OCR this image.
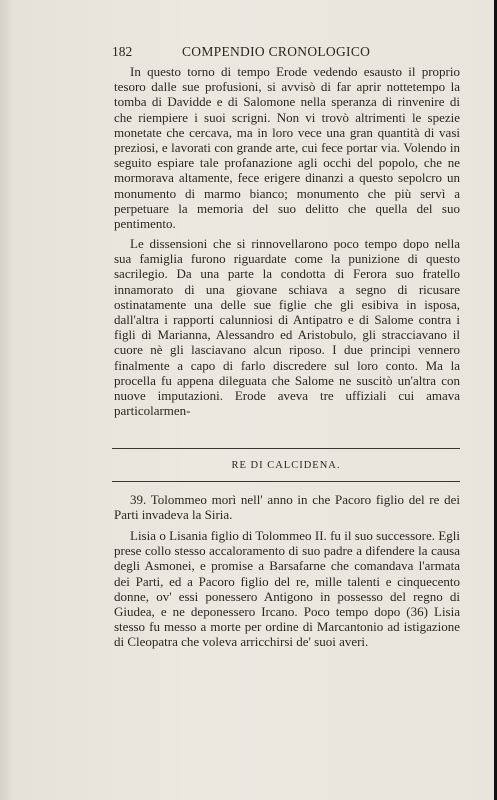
182	COMPENDIO CRONOLOGICO

In questo torno di tempo Erode vedendo esausto il proprio tesoro dalle sue profusioni, si avvisò di far aprir nottetempo la tomba di Davidde e di Salomone nella speranza di rinvenire di che riempiere i suoi scrigni. Non vi trovò altrimenti le spezie monetate che cercava, ma in loro vece una gran quantità di vasi preziosi, e lavorati con grande arte, cui fece portar via. Volendo in seguito espiare tale profanazione agli occhi del popolo, che ne mormorava altamente, fece erigere dinanzi a questo sepolcro un monumento di marmo bianco; monumento che più servì a perpetuare la memoria del suo delitto che quella del suo pentimento.

Le dissensioni che si rinnovellarono poco tempo dopo nella sua famiglia furono riguardate come la punizione di questo sacrilegio. Da una parte la condotta di Ferora suo fratello innamorato di una giovane schiava a segno di ricusare ostinatamente una delle sue figlie che gli esibiva in isposa, dall'altra i rapporti calunniosi di Antipatro e di Salome contra i figli di Marianna, Alessandro ed Aristobulo, gli stracciavano il cuore nè gli lasciavano alcun riposo. I due principi vennero finalmente a capo di farlo discredere sul loro conto. Ma la procella fu appena dileguata che Salome ne suscitò un'altra con nuove imputazioni. Erode aveva tre uffiziali cui amava particolarmen-

RE DI CALCIDENA.

39. Tolommeo morì nell' anno in che Pacoro figlio del re dei Parti invadeva la Siria.

Lisia o Lisania figlio di Tolommeo II. fu il suo successore. Egli prese collo stesso accaloramento di suo padre a difendere la causa degli Asmonei, e promise a Barsafarne che comandava l'armata dei Parti, ed a Pacoro figlio del re, mille talenti e cinquecento donne, ov' essi ponessero Antigono in possesso del regno di Giudea, e ne deponessero Ircano. Poco tempo dopo (36) Lisia stesso fu messo a morte per ordine di Marcantonio ad istigazione di Cleopatra che voleva arricchirsi de' suoi averi.
